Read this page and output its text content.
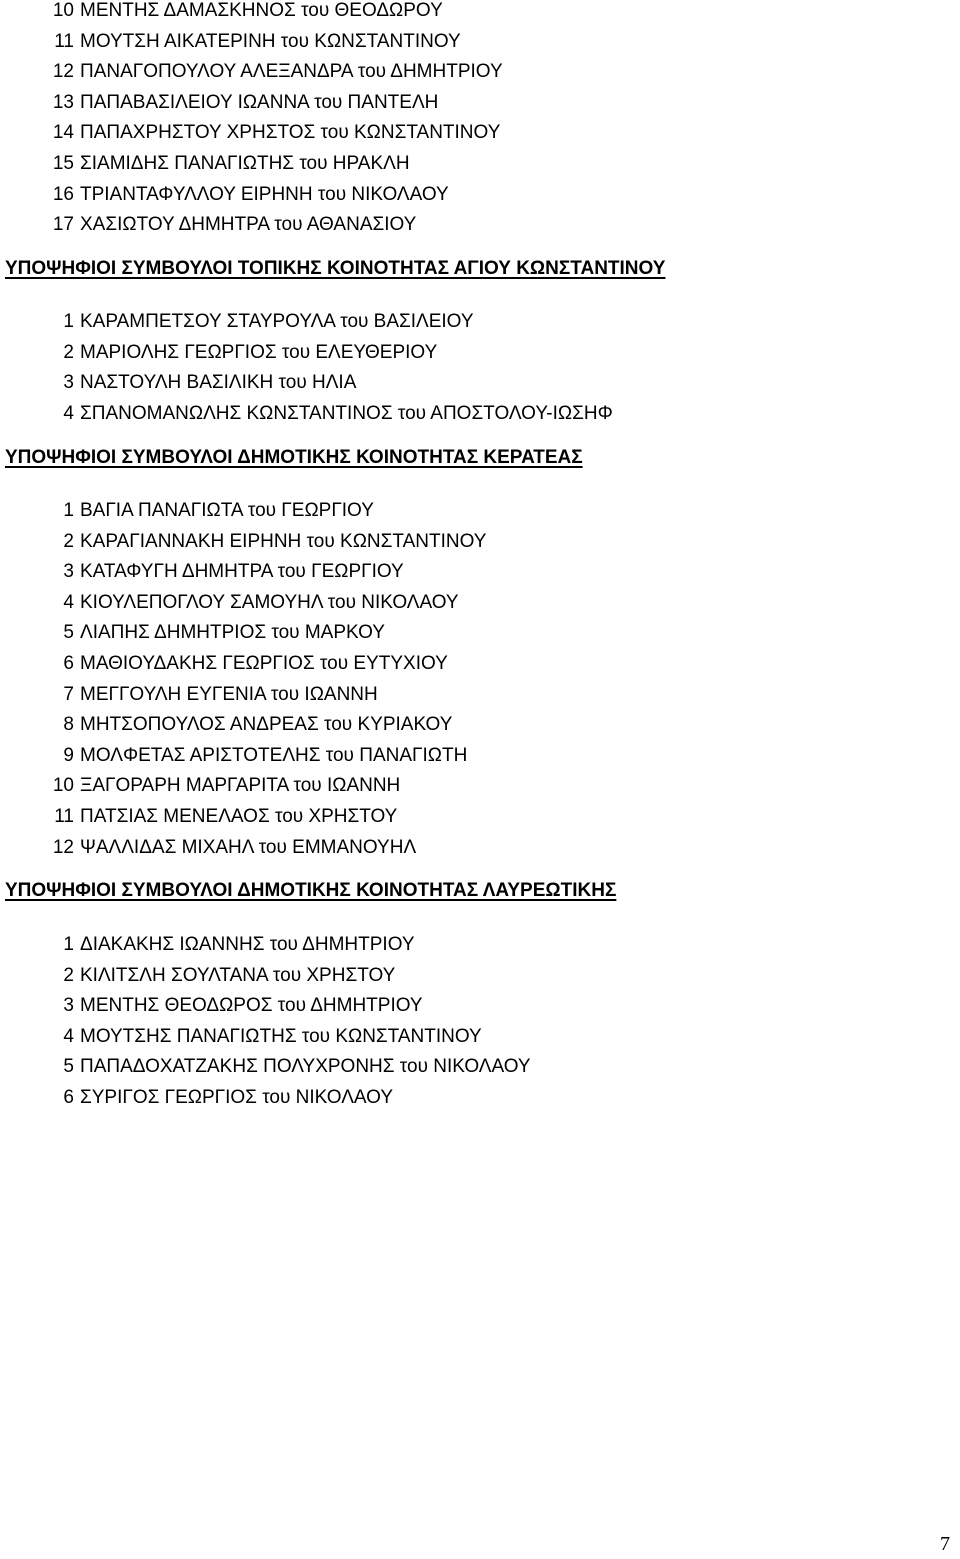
10 ΜΕΝΤΗΣ ΔΑΜΑΣΚΗΝΟΣ του ΘΕΟΔΩΡΟΥ
11 ΜΟΥΤΣΗ ΑΙΚΑΤΕΡΙΝΗ του ΚΩΝΣΤΑΝΤΙΝΟΥ
12 ΠΑΝΑΓΟΠΟΥΛΟΥ ΑΛΕΞΑΝΔΡΑ του ΔΗΜΗΤΡΙΟΥ
13 ΠΑΠΑΒΑΣΙΛΕΙΟΥ ΙΩΑΝΝΑ του ΠΑΝΤΕΛΗ
14 ΠΑΠΑΧΡΗΣΤΟΥ ΧΡΗΣΤΟΣ του ΚΩΝΣΤΑΝΤΙΝΟΥ
15 ΣΙΑΜΙΔΗΣ ΠΑΝΑΓΙΩΤΗΣ του ΗΡΑΚΛΗ
16 ΤΡΙΑΝΤΑΦΥΛΛΟΥ ΕΙΡΗΝΗ του ΝΙΚΟΛΑΟΥ
17 ΧΑΣΙΩΤΟΥ ΔΗΜΗΤΡΑ του ΑΘΑΝΑΣΙΟΥ
ΥΠΟΨΗΦΙΟΙ ΣΥΜΒΟΥΛΟΙ ΤΟΠΙΚΗΣ ΚΟΙΝΟΤΗΤΑΣ ΑΓΙΟΥ ΚΩΝΣΤΑΝΤΙΝΟΥ
1 ΚΑΡΑΜΠΕΤΣΟΥ ΣΤΑΥΡΟΥΛΑ του ΒΑΣΙΛΕΙΟΥ
2 ΜΑΡΙΟΛΗΣ ΓΕΩΡΓΙΟΣ του ΕΛΕΥΘΕΡΙΟΥ
3 ΝΑΣΤΟΥΛΗ ΒΑΣΙΛΙΚΗ του ΗΛΙΑ
4 ΣΠΑΝΟΜΑΝΩΛΗΣ ΚΩΝΣΤΑΝΤΙΝΟΣ του ΑΠΟΣΤΟΛΟΥ-ΙΩΣΗΦ
ΥΠΟΨΗΦΙΟΙ ΣΥΜΒΟΥΛΟΙ ΔΗΜΟΤΙΚΗΣ ΚΟΙΝΟΤΗΤΑΣ ΚΕΡΑΤΕΑΣ
1 ΒΑΓΙΑ ΠΑΝΑΓΙΩΤΑ του ΓΕΩΡΓΙΟΥ
2 ΚΑΡΑΓΙΑΝΝΑΚΗ ΕΙΡΗΝΗ του ΚΩΝΣΤΑΝΤΙΝΟΥ
3 ΚΑΤΑΦΥΓΗ ΔΗΜΗΤΡΑ του ΓΕΩΡΓΙΟΥ
4 ΚΙΟΥΛΕΠΟΓΛΟΥ ΣΑΜΟΥΗΛ του ΝΙΚΟΛΑΟΥ
5 ΛΙΑΠΗΣ ΔΗΜΗΤΡΙΟΣ του ΜΑΡΚΟΥ
6 ΜΑΘΙΟΥΔΑΚΗΣ ΓΕΩΡΓΙΟΣ του ΕΥΤΥΧΙΟΥ
7 ΜΕΓΓΟΥΛΗ ΕΥΓΕΝΙΑ του ΙΩΑΝΝΗ
8 ΜΗΤΣΟΠΟΥΛΟΣ ΑΝΔΡΕΑΣ του ΚΥΡΙΑΚΟΥ
9 ΜΟΛΦΕΤΑΣ ΑΡΙΣΤΟΤΕΛΗΣ του ΠΑΝΑΓΙΩΤΗ
10 ΞΑΓΟΡΑΡΗ ΜΑΡΓΑΡΙΤΑ του ΙΩΑΝΝΗ
11 ΠΑΤΣΙΑΣ ΜΕΝΕΛΑΟΣ του ΧΡΗΣΤΟΥ
12 ΨΑΛΛΙΔΑΣ ΜΙΧΑΗΛ του ΕΜΜΑΝΟΥΗΛ
ΥΠΟΨΗΦΙΟΙ ΣΥΜΒΟΥΛΟΙ ΔΗΜΟΤΙΚΗΣ ΚΟΙΝΟΤΗΤΑΣ ΛΑΥΡΕΩΤΙΚΗΣ
1 ΔΙΑΚΑΚΗΣ ΙΩΑΝΝΗΣ του ΔΗΜΗΤΡΙΟΥ
2 ΚΙΛΙΤΣΛΗ ΣΟΥΛΤΑΝΑ του ΧΡΗΣΤΟΥ
3 ΜΕΝΤΗΣ ΘΕΟΔΩΡΟΣ του ΔΗΜΗΤΡΙΟΥ
4 ΜΟΥΤΣΗΣ ΠΑΝΑΓΙΩΤΗΣ του ΚΩΝΣΤΑΝΤΙΝΟΥ
5 ΠΑΠΑΔΟΧΑΤΖΑΚΗΣ ΠΟΛΥΧΡΟΝΗΣ του ΝΙΚΟΛΑΟΥ
6 ΣΥΡΙΓΟΣ ΓΕΩΡΓΙΟΣ του ΝΙΚΟΛΑΟΥ
7
